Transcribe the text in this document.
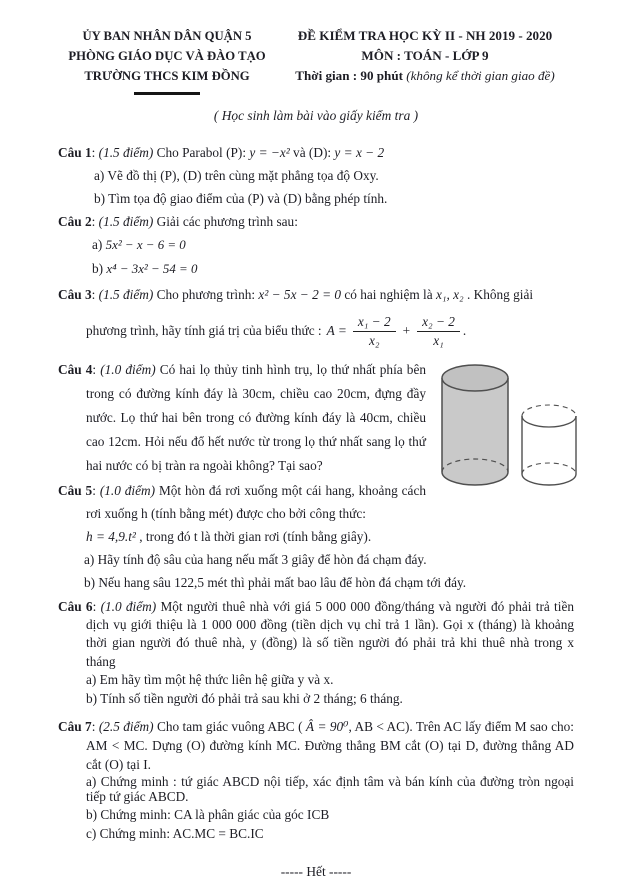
ỦY BAN NHÂN DÂN QUẬN 5
PHÒNG GIÁO DỤC VÀ ĐÀO TẠO
TRƯỜNG THCS KIM ĐỒNG
ĐỀ KIỂM TRA HỌC KỲ II - NH 2019 - 2020
MÔN : TOÁN - LỚP 9
Thời gian : 90 phút (không kể thời gian giao đề)
( Học sinh làm bài vào giấy kiểm tra )

Câu 1: (1.5 điểm) Cho Parabol (P): y = −x² và (D): y = x − 2

a) Vẽ đồ thị (P), (D) trên cùng mặt phẳng tọa độ Oxy.

b) Tìm tọa độ giao điểm của (P) và (D) bằng phép tính.

Câu 2: (1.5 điểm) Giải các phương trình sau:

a) 5x² − x − 6 = 0

b) x⁴ − 3x² − 54 = 0

Câu 3: (1.5 điểm) Cho phương trình: x² − 5x − 2 = 0 có hai nghiệm là x₁, x₂ . Không giải

phương trình, hãy tính giá trị của biểu thức : $A = \frac{\text{x₁ − 2}}{\text{x₂}} + \frac{\text{x₂ − 2}}{\text{x₁}}$ .

Câu 4: (1.0 điểm) Có hai lọ thủy tinh hình trụ, lọ thứ nhất phía bên trong có đường kính đáy là 30cm, chiều cao 20cm, đựng đầy nước. Lọ thứ hai bên trong có đường kính đáy là 40cm, chiều cao 12cm. Hỏi nếu đổ hết nước từ trong lọ thứ nhất sang lọ thứ hai nước có bị tràn ra ngoài không? Tại sao?

Câu 5: (1.0 điểm) Một hòn đá rơi xuống một cái hang, khoảng cách rơi xuống h (tính bằng mét) được cho bởi công thức:

h = 4,9.t² , trong đó t là thời gian rơi (tính bằng giây).

a) Hãy tính độ sâu của hang nếu mất 3 giây để hòn đá chạm đáy.

b) Nếu hang sâu 122,5 mét thì phải mất bao lâu để hòn đá chạm tới đáy.

Câu 6: (1.0 điểm) Một người thuê nhà với giá 5 000 000 đồng/tháng và người đó phải trả tiền dịch vụ giới thiệu là 1 000 000 đồng (tiền dịch vụ chỉ trả 1 lần). Gọi x (tháng) là khoảng thời gian người đó thuê nhà, y (đồng) là số tiền người đó phải trả khi thuê nhà trong x tháng

a) Em hãy tìm một hệ thức liên hệ giữa y và x.

b) Tính số tiền người đó phải trả sau khi ở 2 tháng; 6 tháng.

Câu 7: (2.5 điểm) Cho tam giác vuông ABC ( Â = 90⁰, AB < AC). Trên AC lấy điểm M sao cho: AM < MC. Dựng (O) đường kính MC. Đường thẳng BM cắt (O) tại D, đường thẳng AD cắt (O) tại I.

a) Chứng minh : tứ giác ABCD nội tiếp, xác định tâm và bán kính của đường tròn ngoại tiếp tứ giác ABCD.

b) Chứng minh: CA là phân giác của góc ICB

c) Chứng minh: AC.MC = BC.IC

----- Hết -----
